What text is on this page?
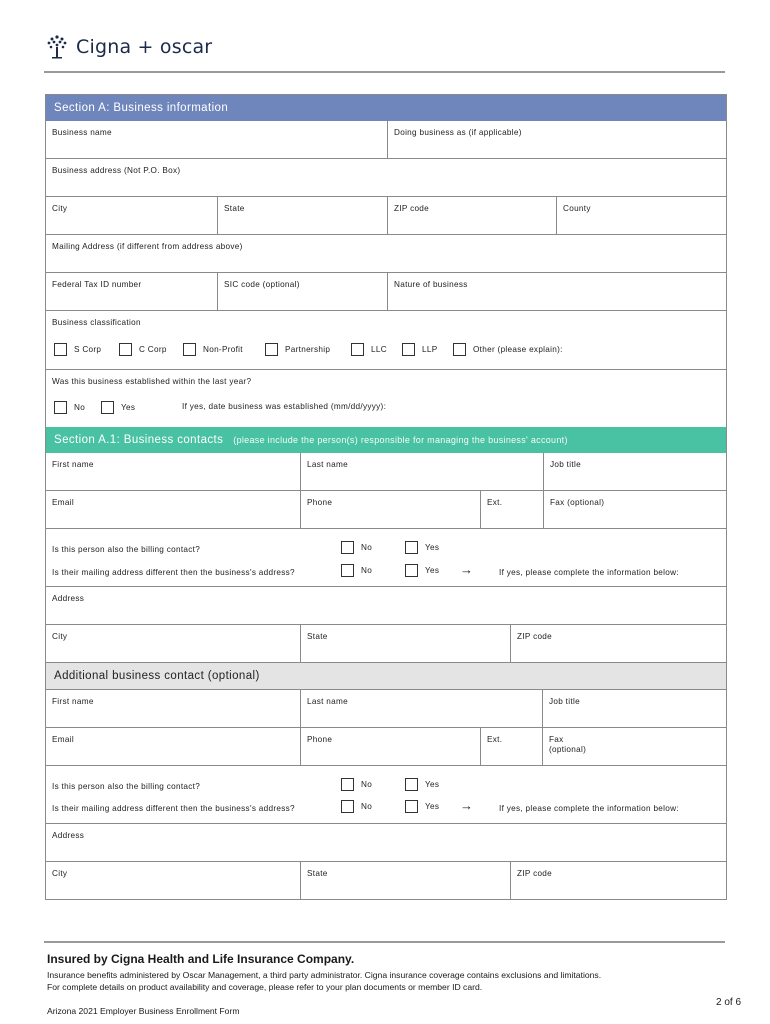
Cigna + oscar
Section A: Business information
Business name	Doing business as (if applicable)
Business address (Not P.O. Box)
City	State	ZIP code	County
Mailing Address (if different from address above)
Federal Tax ID number	SIC code (optional)	Nature of business
Business classification
S Corp	C Corp	Non-Profit	Partnership	LLC	LLP	Other (please explain):
Was this business established within the last year?
No	Yes	If yes, date business was established (mm/dd/yyyy):
Section A.1: Business contacts (please include the person(s) responsible for managing the business' account)
First name	Last name	Job title
Email	Phone	Ext.	Fax (optional)
Is this person also the billing contact?	No	Yes
Is their mailing address different then the business's address?	No	Yes →	If yes, please complete the information below:
Address
City	State	ZIP code
Additional business contact (optional)
First name	Last name	Job title
Email	Phone	Ext.	Fax
(optional)
Is this person also the billing contact?	No	Yes
Is their mailing address different then the business's address?	No	Yes →	If yes, please complete the information below:
Address
City	State	ZIP code
Insured by Cigna Health and Life Insurance Company.
Insurance benefits administered by Oscar Management, a third party administrator. Cigna insurance coverage contains exclusions and limitations.
For complete details on product availability and coverage, please refer to your plan documents or member ID card.
2 of 6
Arizona 2021 Employer Business Enrollment Form
